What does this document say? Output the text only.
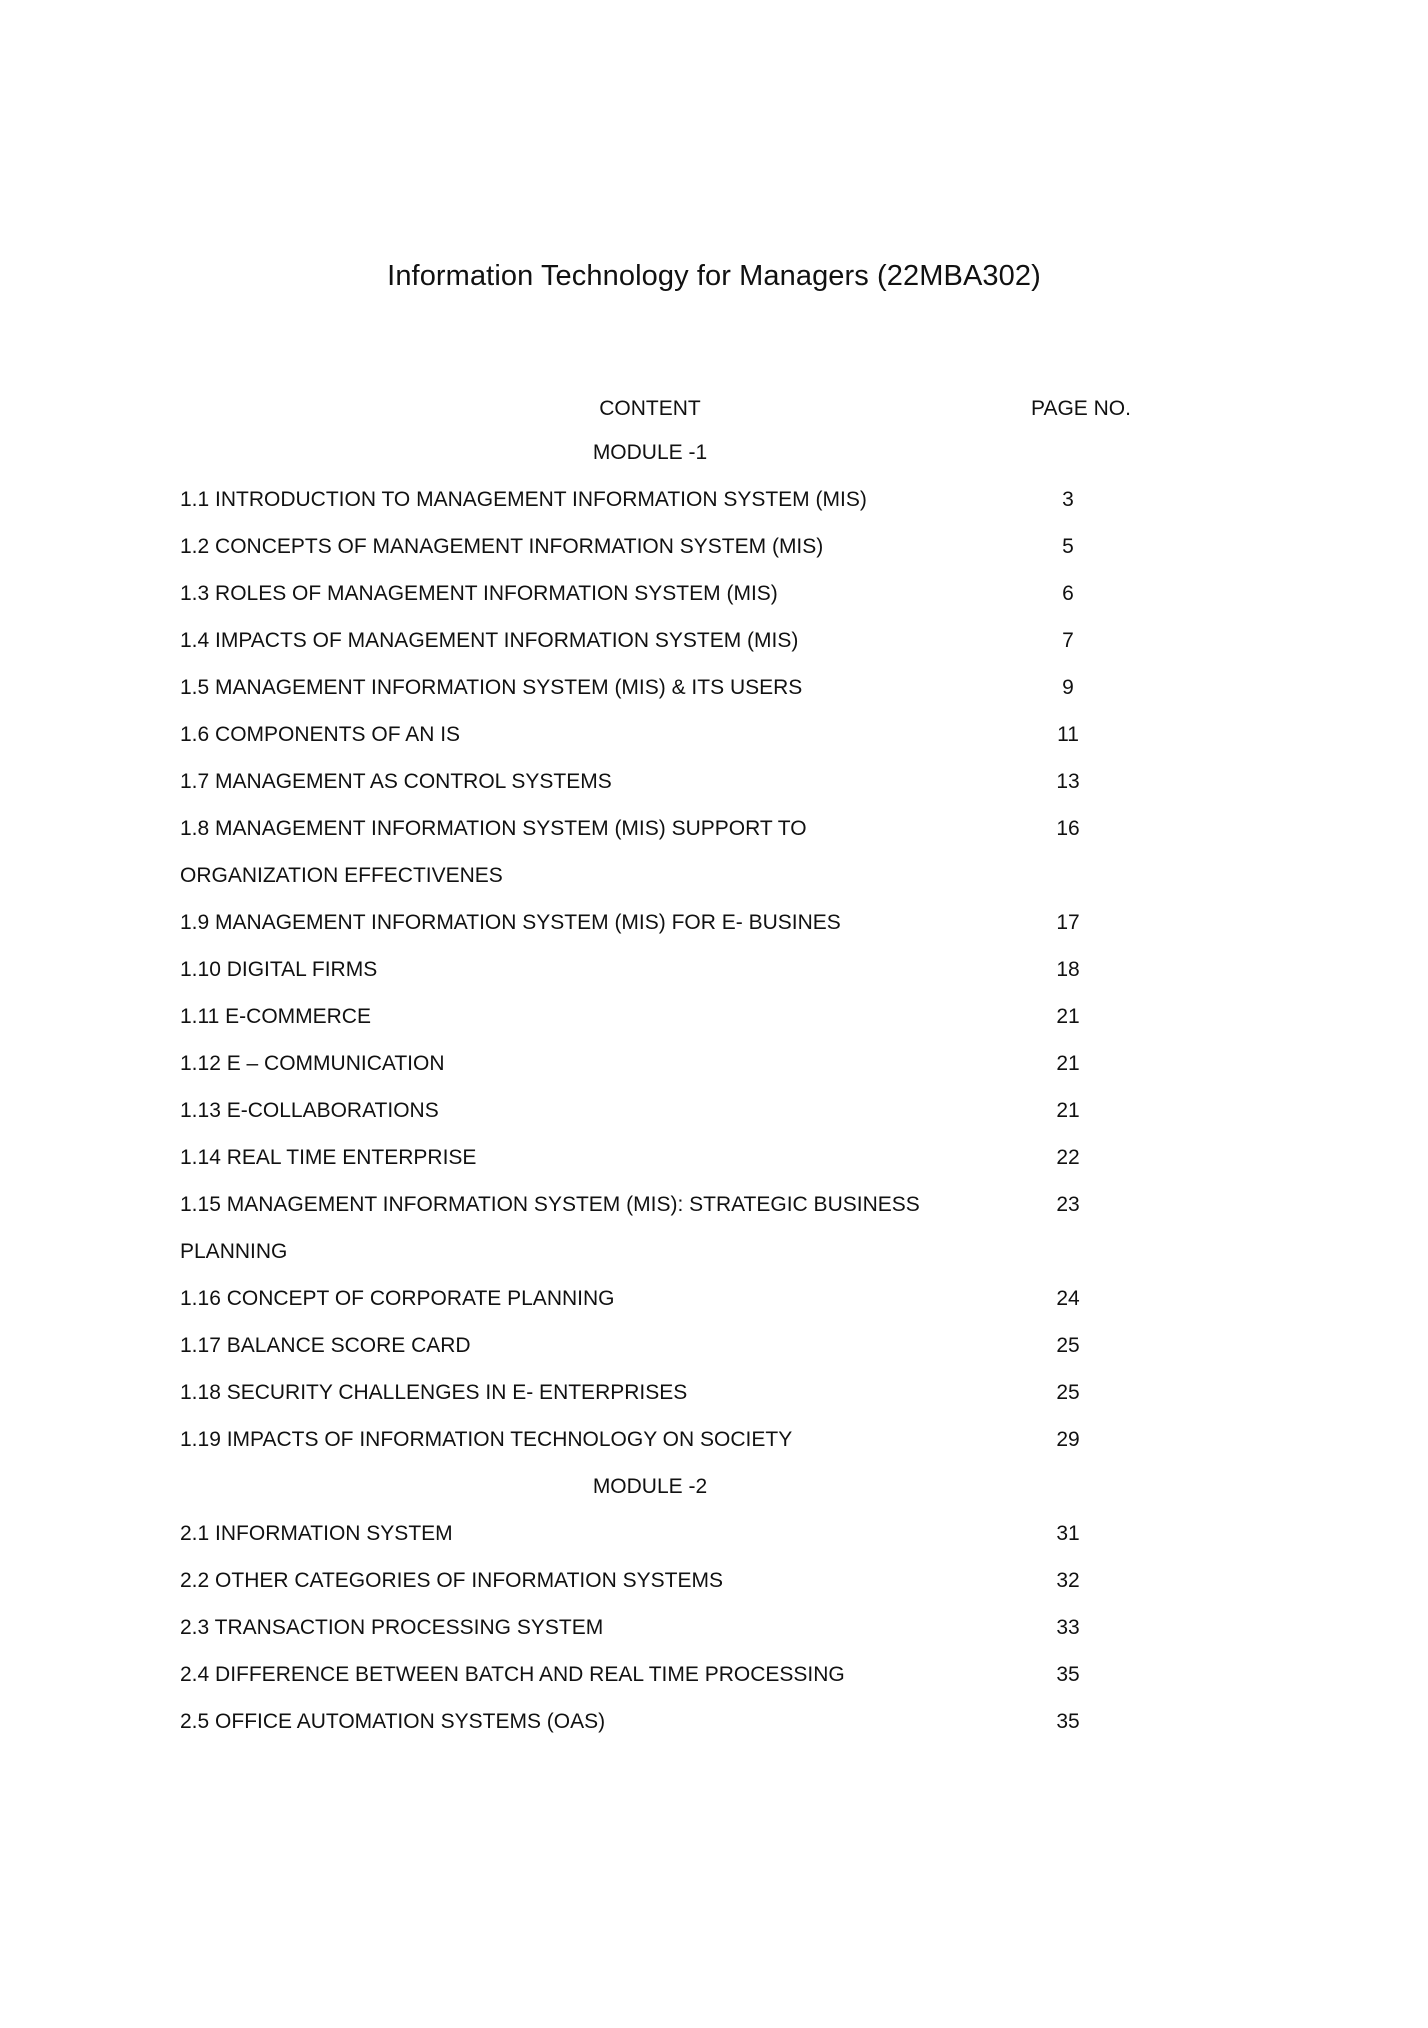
Information Technology for Managers (22MBA302)
CONTENT	PAGE NO.
MODULE -1
1.1 INTRODUCTION TO MANAGEMENT INFORMATION SYSTEM (MIS)	3
1.2 CONCEPTS OF MANAGEMENT INFORMATION SYSTEM (MIS)	5
1.3 ROLES OF MANAGEMENT INFORMATION SYSTEM (MIS)	6
1.4 IMPACTS OF MANAGEMENT INFORMATION SYSTEM (MIS)	7
1.5 MANAGEMENT INFORMATION SYSTEM (MIS) & ITS USERS	9
1.6 COMPONENTS OF AN IS	11
1.7 MANAGEMENT AS CONTROL SYSTEMS	13
1.8 MANAGEMENT INFORMATION SYSTEM (MIS) SUPPORT TO	16
ORGANIZATION EFFECTIVENES
1.9 MANAGEMENT INFORMATION SYSTEM (MIS) FOR E- BUSINES	17
1.10 DIGITAL FIRMS	18
1.11 E-COMMERCE	21
1.12 E – COMMUNICATION	21
1.13 E-COLLABORATIONS	21
1.14 REAL TIME ENTERPRISE	22
1.15 MANAGEMENT INFORMATION SYSTEM (MIS): STRATEGIC BUSINESS	23
PLANNING
1.16 CONCEPT OF CORPORATE PLANNING	24
1.17 BALANCE SCORE CARD	25
1.18 SECURITY CHALLENGES IN E- ENTERPRISES	25
1.19 IMPACTS OF INFORMATION TECHNOLOGY ON SOCIETY	29
MODULE -2
2.1 INFORMATION SYSTEM	31
2.2 OTHER CATEGORIES OF INFORMATION SYSTEMS	32
2.3 TRANSACTION PROCESSING SYSTEM	33
2.4 DIFFERENCE BETWEEN BATCH AND REAL TIME PROCESSING	35
2.5 OFFICE AUTOMATION SYSTEMS (OAS)	35
